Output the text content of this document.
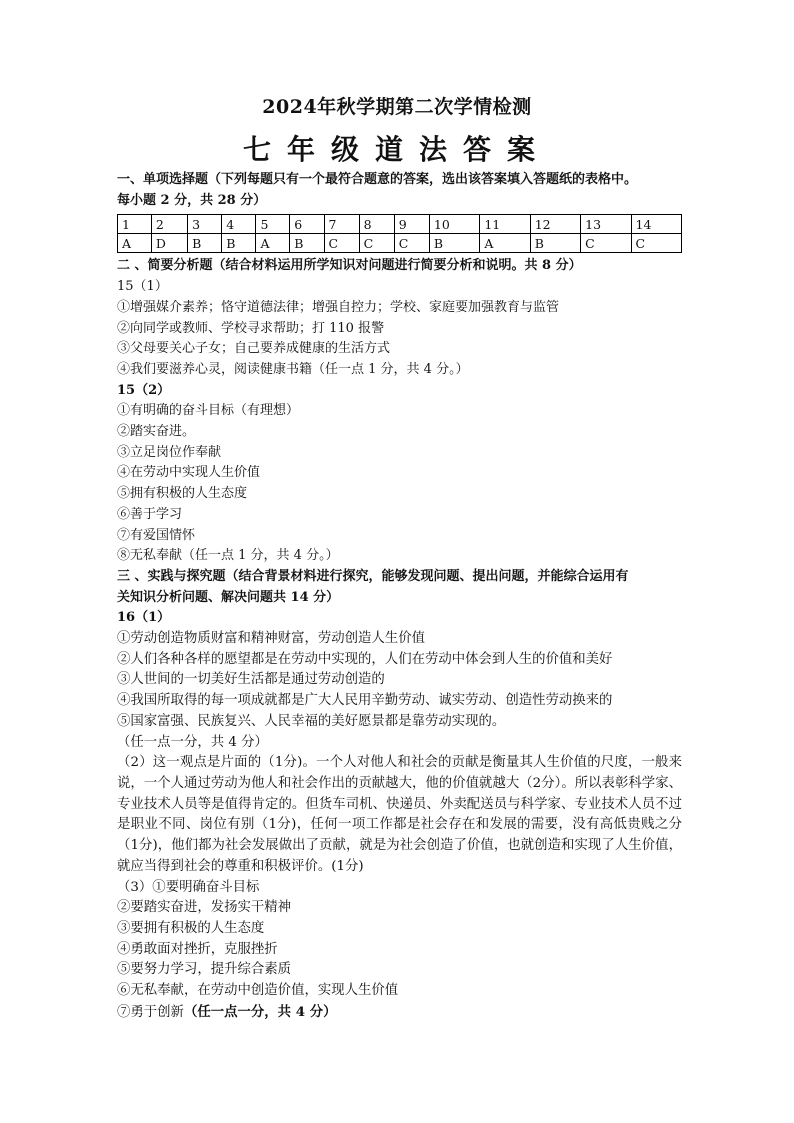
2024年秋学期第二次学情检测
七年级道法答案
一、单项选择题（下列每题只有一个最符合题意的答案，选出该答案填入答题纸的表格中。
每小题 2 分，共 28 分）
1	2	3	4	5	6	7	8	9	10	11	12	13	14
A	D	B	B	A	B	C	C	C	B	A	B	C	C
二 、简要分析题（结合材料运用所学知识对问题进行简要分析和说明。共 8 分）
15（1）
①增强媒介素养；恪守道德法律；增强自控力；学校、家庭要加强教育与监管
②向同学或教师、学校寻求帮助；打 110 报警
③父母要关心子女；自己要养成健康的生活方式
④我们要滋养心灵，阅读健康书籍（任一点 1 分，共 4 分。）
15（2）
①有明确的奋斗目标（有理想）
②踏实奋进。
③立足岗位作奉献
④在劳动中实现人生价值
⑤拥有积极的人生态度
⑥善于学习
⑦有爱国情怀
⑧无私奉献（任一点 1 分，共 4 分。）
三 、实践与探究题（结合背景材料进行探究，能够发现问题、提出问题，并能综合运用有
关知识分析问题、解决问题共 14 分）
16（1）
①劳动创造物质财富和精神财富，劳动创造人生价值
②人们各种各样的愿望都是在劳动中实现的，人们在劳动中体会到人生的价值和美好
③人世间的一切美好生活都是通过劳动创造的
④我国所取得的每一项成就都是广大人民用辛勤劳动、诚实劳动、创造性劳动换来的
⑤国家富强、民族复兴、人民幸福的美好愿景都是靠劳动实现的。
（任一点一分，共 4 分）
（2）这一观点是片面的（1分)。一个人对他人和社会的贡献是衡量其人生价值的尺度，一般来说，一个人通过劳动为他人和社会作出的贡献越大，他的价值就越大（2分）。所以表彰科学家、专业技术人员等是值得肯定的。但货车司机、快递员、外卖配送员与科学家、专业技术人员不过是职业不同、岗位有别（1分)，任何一项工作都是社会存在和发展的需要，没有高低贵贱之分（1分)，他们都为社会发展做出了贡献，就是为社会创造了价值，也就创造和实现了人生价值，就应当得到社会的尊重和积极评价。(1分)
（3）①要明确奋斗目标
②要踏实奋进，发扬实干精神
③要拥有积极的人生态度
④勇敢面对挫折，克服挫折
⑤要努力学习，提升综合素质
⑥无私奉献，在劳动中创造价值，实现人生价值
⑦勇于创新（任一点一分，共 4 分）
